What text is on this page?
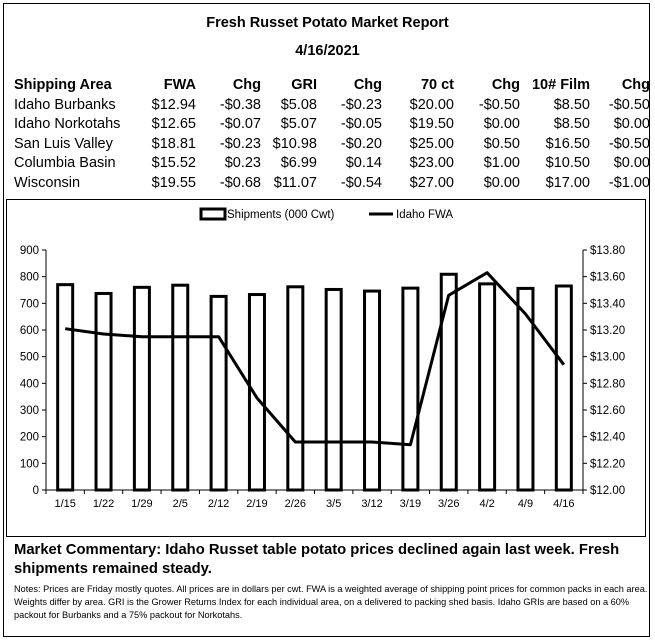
Fresh Russet Potato Market Report
4/16/2021
Shipping Area	FWA	Chg	GRI	Chg	70 ct	Chg	10# Film	Chg
Idaho Burbanks	$12.94	-$0.38	$5.08	-$0.23	$20.00	-$0.50	$8.50	-$0.50
Idaho Norkotahs	$12.65	-$0.07	$5.07	-$0.05	$19.50	$0.00	$8.50	$0.00
San Luis Valley	$18.81	-$0.23	$10.98	-$0.20	$25.00	$0.50	$16.50	-$0.50
Columbia Basin	$15.52	$0.23	$6.99	$0.14	$23.00	$1.00	$10.50	$0.00
Wisconsin	$19.55	-$0.68	$11.07	-$0.54	$27.00	$0.00	$17.00	-$1.00
0
100
200
300
400
500
600
700
800
900
$12.00
$12.20
$12.40
$12.60
$12.80
$13.00
$13.20
$13.40
$13.60
$13.80
1/15 1/22 1/29 2/5 2/12 2/19 2/26 3/5 3/12 3/19 3/26 4/2 4/9 4/16
Shipments (000 Cwt)	Idaho FWA
Market Commentary: Idaho Russet table potato prices declined again last week. Fresh shipments remained steady.
Notes: Prices are Friday mostly quotes. All prices are in dollars per cwt. FWA is a weighted average of shipping point prices for common packs in each area. Weights differ by area. GRI is the Grower Returns Index for each individual area, on a delivered to packing shed basis. Idaho GRIs are based on a 60% packout for Burbanks and a 75% packout for Norkotahs.
